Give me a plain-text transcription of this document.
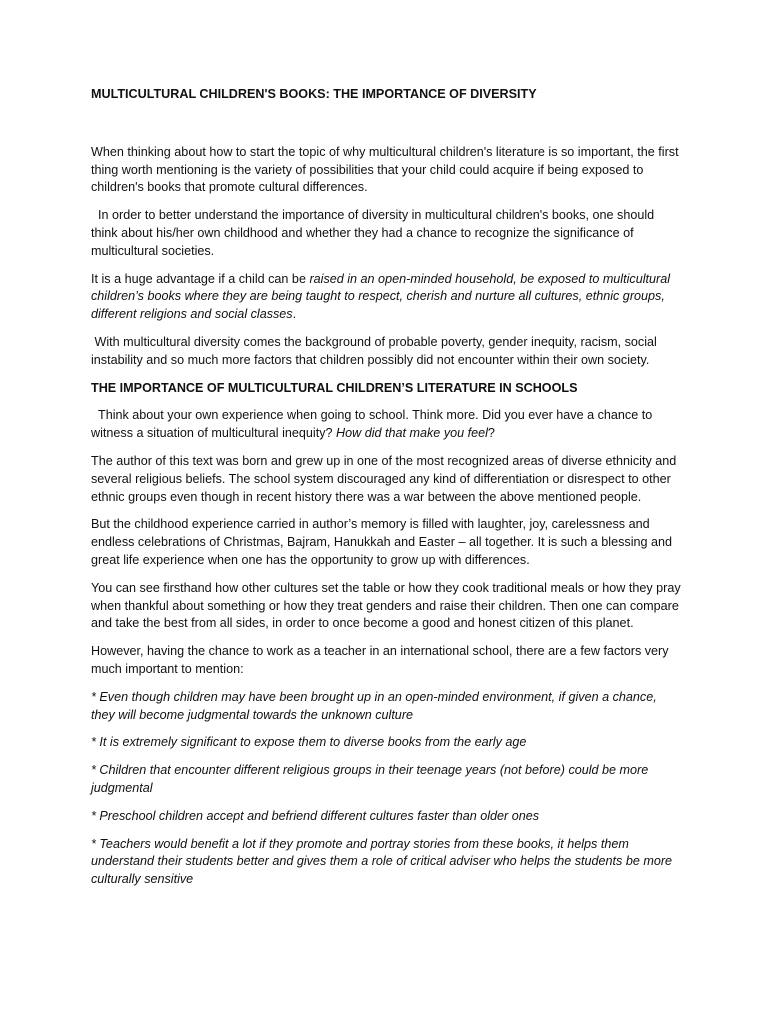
MULTICULTURAL CHILDREN'S BOOKS: THE IMPORTANCE OF DIVERSITY

When thinking about how to start the topic of why multicultural children's literature is so important, the first thing worth mentioning is the variety of possibilities that your child could acquire if being exposed to children's books that promote cultural differences.

In order to better understand the importance of diversity in multicultural children's books, one should think about his/her own childhood and whether they had a chance to recognize the significance of multicultural societies.

It is a huge advantage if a child can be raised in an open-minded household, be exposed to multicultural children’s books where they are being taught to respect, cherish and nurture all cultures, ethnic groups, different religions and social classes.

With multicultural diversity comes the background of probable poverty, gender inequity, racism, social instability and so much more factors that children possibly did not encounter within their own society.

THE IMPORTANCE OF MULTICULTURAL CHILDREN’S LITERATURE IN SCHOOLS

Think about your own experience when going to school. Think more. Did you ever have a chance to witness a situation of multicultural inequity? How did that make you feel?

The author of this text was born and grew up in one of the most recognized areas of diverse ethnicity and several religious beliefs. The school system discouraged any kind of differentiation or disrespect to other ethnic groups even though in recent history there was a war between the above mentioned people.

But the childhood experience carried in author’s memory is filled with laughter, joy, carelessness and endless celebrations of Christmas, Bajram, Hanukkah and Easter – all together. It is such a blessing and great life experience when one has the opportunity to grow up with differences.

You can see firsthand how other cultures set the table or how they cook traditional meals or how they pray when thankful about something or how they treat genders and raise their children. Then one can compare and take the best from all sides, in order to once become a good and honest citizen of this planet.

However, having the chance to work as a teacher in an international school, there are a few factors very much important to mention:

* Even though children may have been brought up in an open-minded environment, if given a chance, they will become judgmental towards the unknown culture
* It is extremely significant to expose them to diverse books from the early age
* Children that encounter different religious groups in their teenage years (not before) could be more judgmental
* Preschool children accept and befriend different cultures faster than older ones
* Teachers would benefit a lot if they promote and portray stories from these books, it helps them understand their students better and gives them a role of critical adviser who helps the students be more culturally sensitive
